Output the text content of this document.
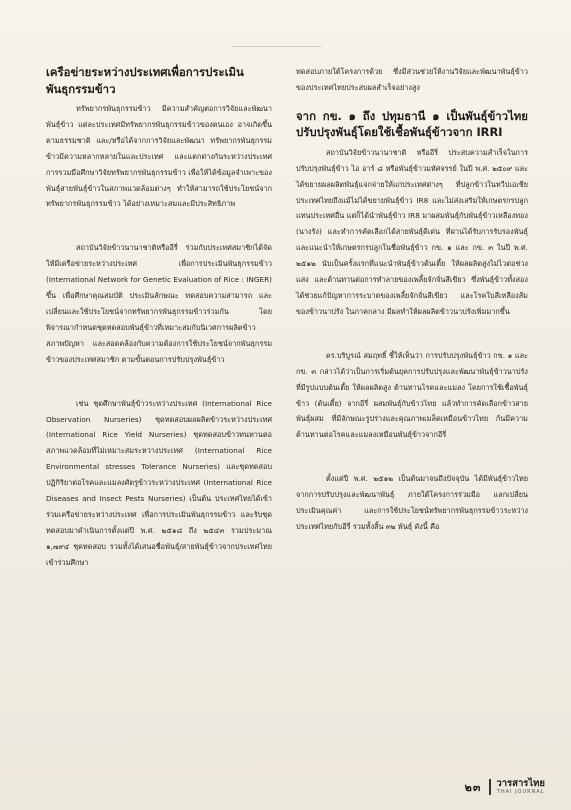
เครือข่ายระหว่างประเทศเพื่อการประเมินพันธุกรรมข้าว

ทรัพยากรพันธุกรรมข้าว มีความสำคัญต่อการวิจัยและพัฒนาพันธุ์ข้าว แต่ละประเทศมีทรัพยากรพันธุกรรมข้าวของตนเอง อาจเกิดขึ้นตามธรรมชาติ และ/หรือได้จากการวิจัยและพัฒนา ทรัพยากรพันธุกรรมข้าวมีความหลากหลายในและประเทศ และแตกต่างกันระหว่างประเทศ การรวมมือศึกษาวิจัยทรัพยากรพันธุกรรมข้าว เพื่อให้ได้ข้อมูลจำเพาะของพันธุ์สายพันธุ์ข้าวในสภาพแวดล้อมต่างๆ ทำให้สามารถใช้ประโยชน์จากทรัพยากรพันธุกรรมข้าว ได้อย่างเหมาะสมและมีประสิทธิภาพ

สถาบันวิจัยข้าวนานาชาติหรืออีรี่ ร่วมกับประเทศสมาชิกได้จัดให้มีเครือข่ายระหว่างประเทศ เพื่อการประเมินพันธุกรรมข้าว (International Network for Genetic Evaluation of Rice : INGER) ขึ้น เพื่อศึกษาคุณสมบัติ ประเมินลักษณะ ทดสอบความสามารถ และเปลี่ยนและใช้ประโยชน์จากทรัพยากรพันธุกรรมข้าวร่วมกัน โดยพิจารณากำหนดชุดทดสอบพันธุ์ข้าวที่เหมาะสมกับนิเวศการผลิตข้าว สภาพปัญหา และสอดคล้องกับความต้องการใช้ประโยชน์จากพันธุกรรมข้าวของประเทศสมาชิก ตามขั้นตอนการปรับปรุงพันธุ์ข้าว

เช่น ชุดศึกษาพันธุ์ข้าวระหว่างประเทศ (International Rice Observation Nurseries) ชุดทดสอบผลผลิตข้าวระหว่างประเทศ (International Rice Yield Nurseries) ชุดทดสอบข้าวทนทานต่อสภาพแวดล้อมที่ไม่เหมาะสมระหว่างประเทศ (International Rice Environmental stresses Tolerance Nurseries) และชุดทดสอบปฏิกิริยาต่อโรคและแมลงศัตรูข้าวระหว่างประเทศ (International Rice Diseases and Insect Pests Nurseries) เป็นต้น ประเทศไทยได้เข้าร่วมเครือข่ายระหว่างประเทศ เพื่อการประเมินพันธุกรรมข้าว และรับชุดทดสอบมาดำเนินการตั้งแต่ปี พ.ศ. ๒๕๑๘ ถึง ๒๕๔๓ รวมประมาณ ๑,๗๙๔ ชุดทดสอบ รวมทั้งได้เสนอชื่อพันธุ์/สายพันธุ์ข้าวจากประเทศไทยเข้าร่วมศึกษา

ทดสอบภายใต้โครงการด้วย ซึ่งมีส่วนช่วยให้งานวิจัยและพัฒนาพันธุ์ข้าวของประเทศไทยประสบผลสำเร็จอย่างสูง

จาก กข. ๑ ถึง ปทุมธานี ๑ เป็นพันธุ์ข้าวไทยปรับปรุงพันธุ์โดยใช้เชื้อพันธุ์ข้าวจาก IRRI

สถาบันวิจัยข้าวนานาชาติ หรืออีรี่ ประสบความสำเร็จในการปรับปรุงพันธุ์ข้าว ไอ อาร์ ๘ หรือพันธุ์ข้าวมหัศจรรย์ ในปี พ.ศ. ๒๕๐๙ และได้ขยายผลผลิตพันธุ์แจกจ่ายให้แก่ประเทศต่างๆ ที่ปลูกข้าวในทวีปเอเชีย ประเทศไทยถึงแม้ไม่ได้ขยายพันธุ์ข้าว IR8 และไม่ส่งเสริมให้เกษตรกรปลูกแทนประเทศอื่น แต่ก็ได้นำพันธุ์ข้าว IR8 มาผสมพันธุ์กับพันธุ์ข้าวเหลืองทอง (นางรัง) และทำการคัดเลือกได้สายพันธุ์ดีเด่น ที่ผ่านได้รับการรับรองพันธุ์และแนะนำให้เกษตรกรปลูกในชื่อพันธุ์ข้าว กข. ๑ และ กข. ๓ ในปี พ.ศ. ๒๕๑๒ นับเป็นครั้งแรกที่แนะนำพันธุ์ข้าวต้นเตี้ย ให้ผลผลิตสูงไม่ไวต่อช่วงแสง และต้านทานต่อการทำลายของเพลี้ยจักจั่นสีเขียว ซึ่งพันธุ์ข้าวทั้งสองได้ช่วยแก้ปัญหาการระบาดของเพลี้ยจักจั่นสีเขียว และโรคใบสีเหลืองส้มของข้าวนาปรัง ในภาคกลาง มีผลทำให้ผลผลิตข้าวนาปรังเพิ่มมากขึ้น

ดร.บริบูรณ์ สมฤทธิ์ ชี้ให้เห็นว่า การปรับปรุงพันธุ์ข้าว กข. ๑ และ กข. ๓ กล่าวได้ว่าเป็นการเริ่มต้นยุคการปรับปรุงและพัฒนาพันธุ์ข้าวนาปรัง ที่มีรูปแบบต้นเตี้ย ให้ผลผลิตสูง ต้านทานโรคและแมลง โดยการใช้เชื้อพันธุ์ข้าว (ต้นเตี้ย) จากอีรี่ ผสมพันธุ์กับข้าวไทย แล้วทำการคัดเลือกข้าวสายพันธุ์ผสม ที่มีลักษณะรูปร่างและคุณภาพเมล็ดเหมือนข้าวไทย ก้นมีความต้านทานต่อโรคและแมลงเหมือนพันธุ์ข้าวจากอีรี่

ตั้งแต่ปี พ.ศ. ๒๕๑๒ เป็นต้นมาจนถึงปัจจุบัน ได้มีพันธุ์ข้าวไทยจากการปรับปรุงและพัฒนาพันธุ์ ภายใต้โครงการร่วมมือ แลกเปลี่ยน ประเมินคุณค่า และการใช้ประโยชน์ทรัพยากรพันธุกรรมข้าวระหว่างประเทศไทยกับอีรี่ รวมทั้งสิ้น ๓๒ พันธุ์ ดังนี้ คือ

๒๓ วารสารไทย
THAI JOURNAL
